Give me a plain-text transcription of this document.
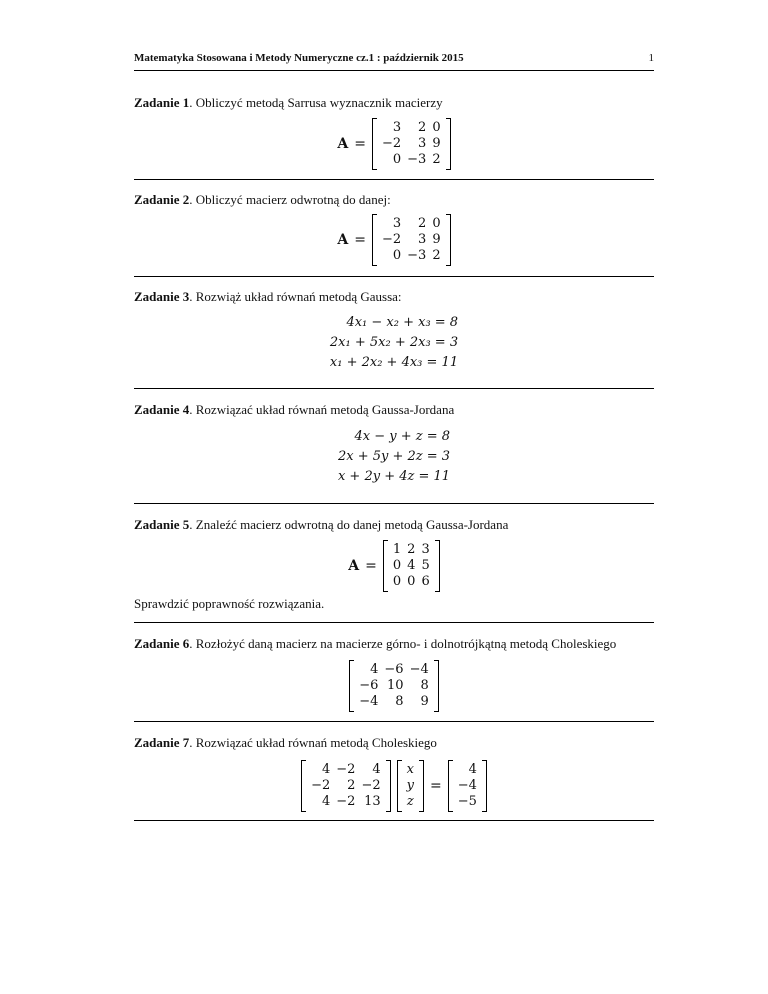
Matematyka Stosowana i Metody Numeryczne cz.1 : październik 2015	1
Zadanie 1. Obliczyć metodą Sarrusa wyznacznik macierzy
A =
3	2	0
−2	3	9
0	−3	2
Zadanie 2. Obliczyć macierz odwrotną do danej:
A =
3	2	0
−2	3	9
0	−3	2
Zadanie 3. Rozwiąż układ równań metodą Gaussa:
4x₁ − x₂ + x₃ = 8
2x₁ + 5x₂ + 2x₃ = 3
x₁ + 2x₂ + 4x₃ = 11
Zadanie 4. Rozwiązać układ równań metodą Gaussa-Jordana
4x − y + z = 8
2x + 5y + 2z = 3
x + 2y + 4z = 11
Zadanie 5. Znaleźć macierz odwrotną do danej metodą Gaussa-Jordana
A =
1	2	3
0	4	5
0	0	6
Sprawdzić poprawność rozwiązania.
Zadanie 6. Rozłożyć daną macierz na macierze górno- i dolnotrójkątną metodą Choleskiego
4	−6	−4
−6	10	8
−4	8	9
Zadanie 7. Rozwiązać układ równań metodą Choleskiego
4	−2	4
−2	2	−2
4	−2	13
x
y
z
=
4
−4
−5
